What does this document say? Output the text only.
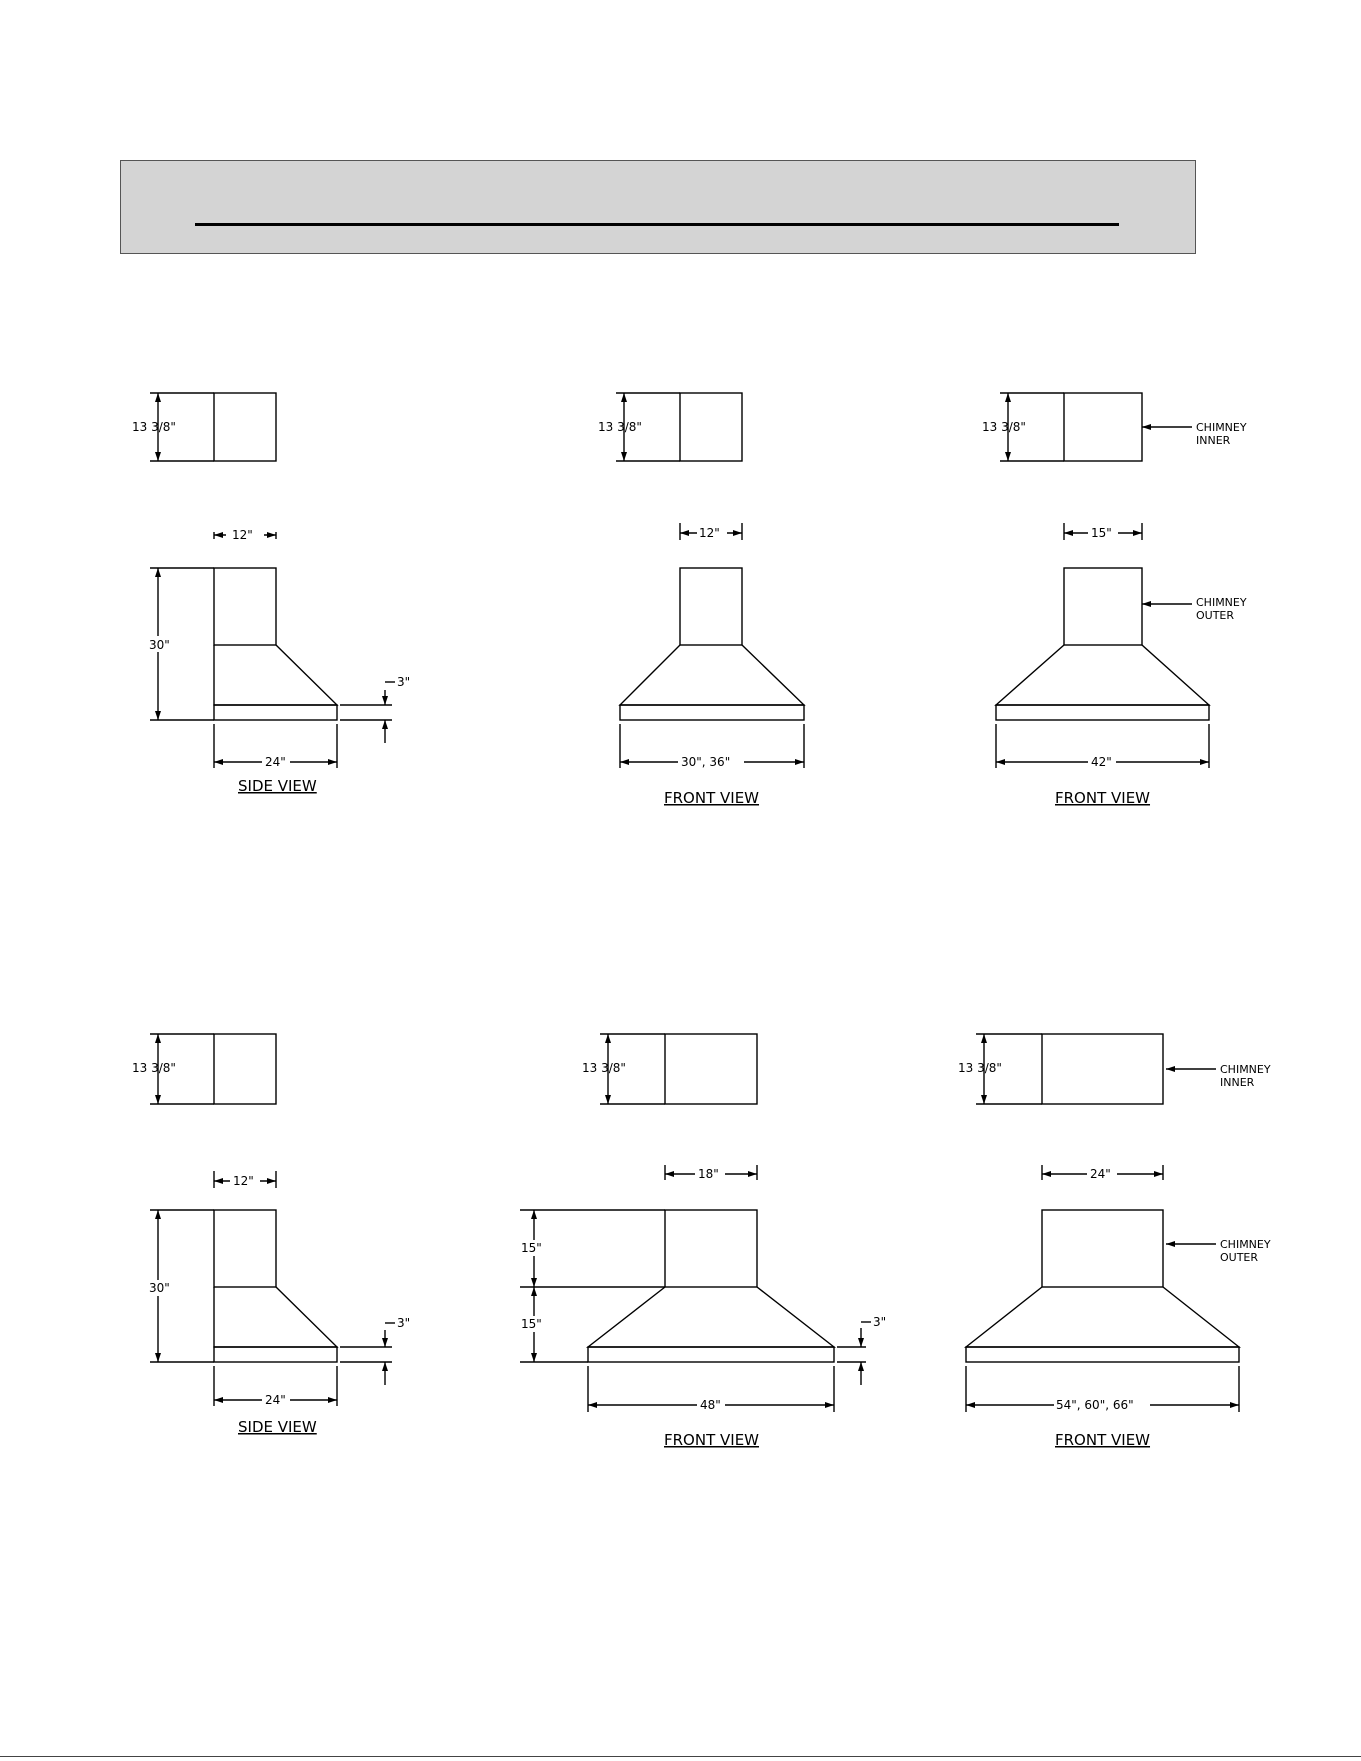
13 3/8"	13 3/8"	13 3/8"	CHIMNEY
INNER
12"
30"
3"
24"
SIDE VIEW
12"
30", 36"
FRONT VIEW
15"
CHIMNEY
OUTER
42"
FRONT VIEW
13 3/8"	13 3/8"	13 3/8"	CHIMNEY
INNER
12"
30"
3"
24"
SIDE VIEW
18"
15"
15"	3"
48"
FRONT VIEW
24"
CHIMNEY
OUTER
54", 60", 66"
FRONT VIEW
